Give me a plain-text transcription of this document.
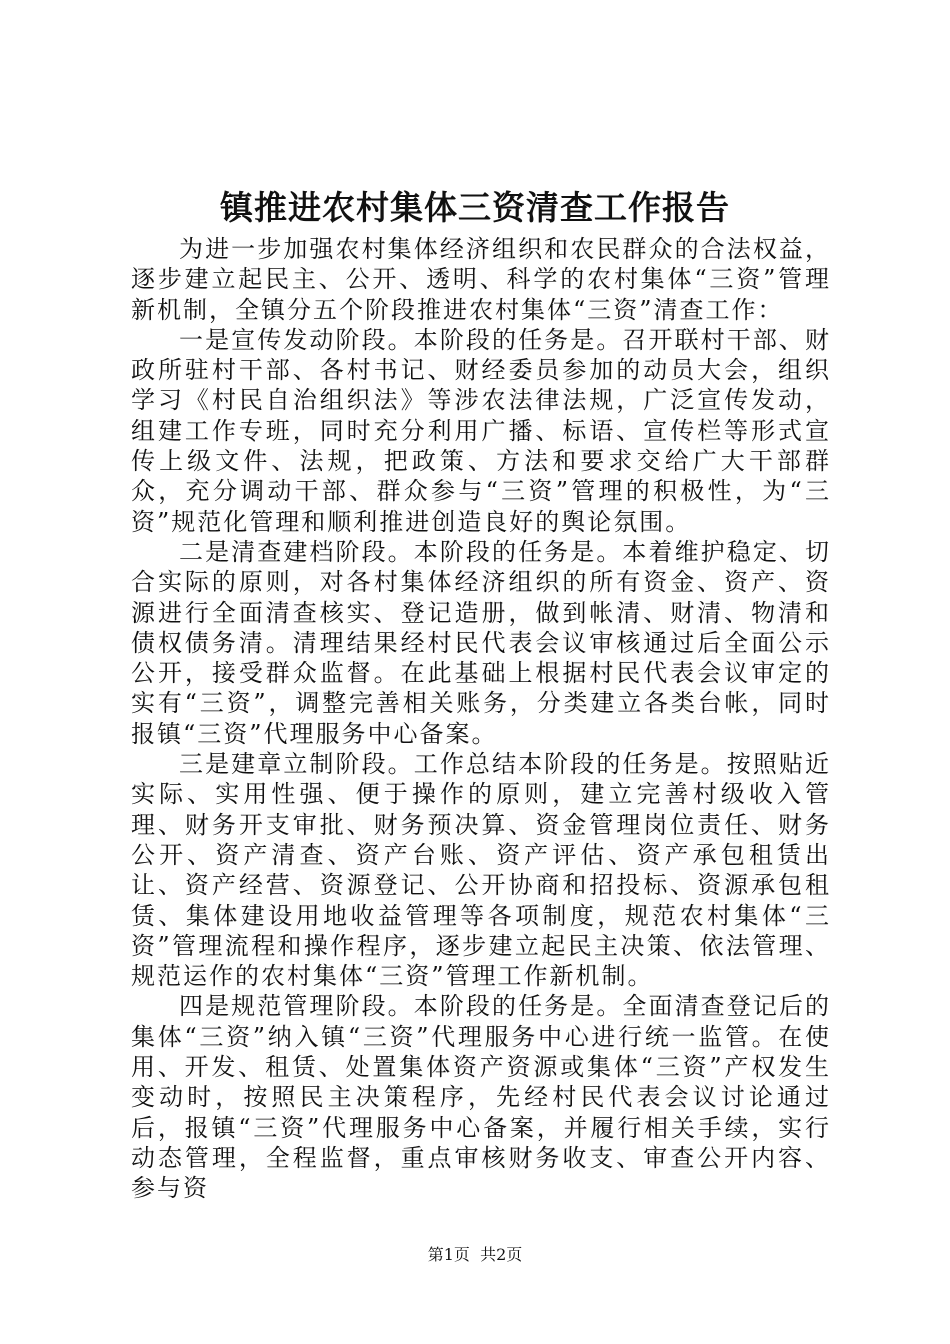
镇推进农村集体三资清查工作报告

为进一步加强农村集体经济组织和农民群众的合法权益，逐步建立起民主、公开、透明、科学的农村集体“三资”管理新机制，全镇分五个阶段推进农村集体“三资”清查工作：

一是宣传发动阶段。本阶段的任务是。召开联村干部、财政所驻村干部、各村书记、财经委员参加的动员大会，组织学习《村民自治组织法》等涉农法律法规，广泛宣传发动，组建工作专班，同时充分利用广播、标语、宣传栏等形式宣传上级文件、法规，把政策、方法和要求交给广大干部群众，充分调动干部、群众参与“三资”管理的积极性，为“三资”规范化管理和顺利推进创造良好的舆论氛围。

二是清查建档阶段。本阶段的任务是。本着维护稳定、切合实际的原则，对各村集体经济组织的所有资金、资产、资源进行全面清查核实、登记造册，做到帐清、财清、物清和债权债务清。清理结果经村民代表会议审核通过后全面公示公开，接受群众监督。在此基础上根据村民代表会议审定的实有“三资”，调整完善相关账务，分类建立各类台帐，同时报镇“三资”代理服务中心备案。

三是建章立制阶段。工作总结本阶段的任务是。按照贴近实际、实用性强、便于操作的原则，建立完善村级收入管理、财务开支审批、财务预决算、资金管理岗位责任、财务公开、资产清查、资产台账、资产评估、资产承包租赁出让、资产经营、资源登记、公开协商和招投标、资源承包租赁、集体建设用地收益管理等各项制度，规范农村集体“三资”管理流程和操作程序，逐步建立起民主决策、依法管理、规范运作的农村集体“三资”管理工作新机制。

四是规范管理阶段。本阶段的任务是。全面清查登记后的集体“三资”纳入镇“三资”代理服务中心进行统一监管。在使用、开发、租赁、处置集体资产资源或集体“三资”产权发生变动时，按照民主决策程序，先经村民代表会议讨论通过后，报镇“三资”代理服务中心备案，并履行相关手续，实行动态管理，全程监督，重点审核财务收支、审查公开内容、参与资

第1页 共2页
